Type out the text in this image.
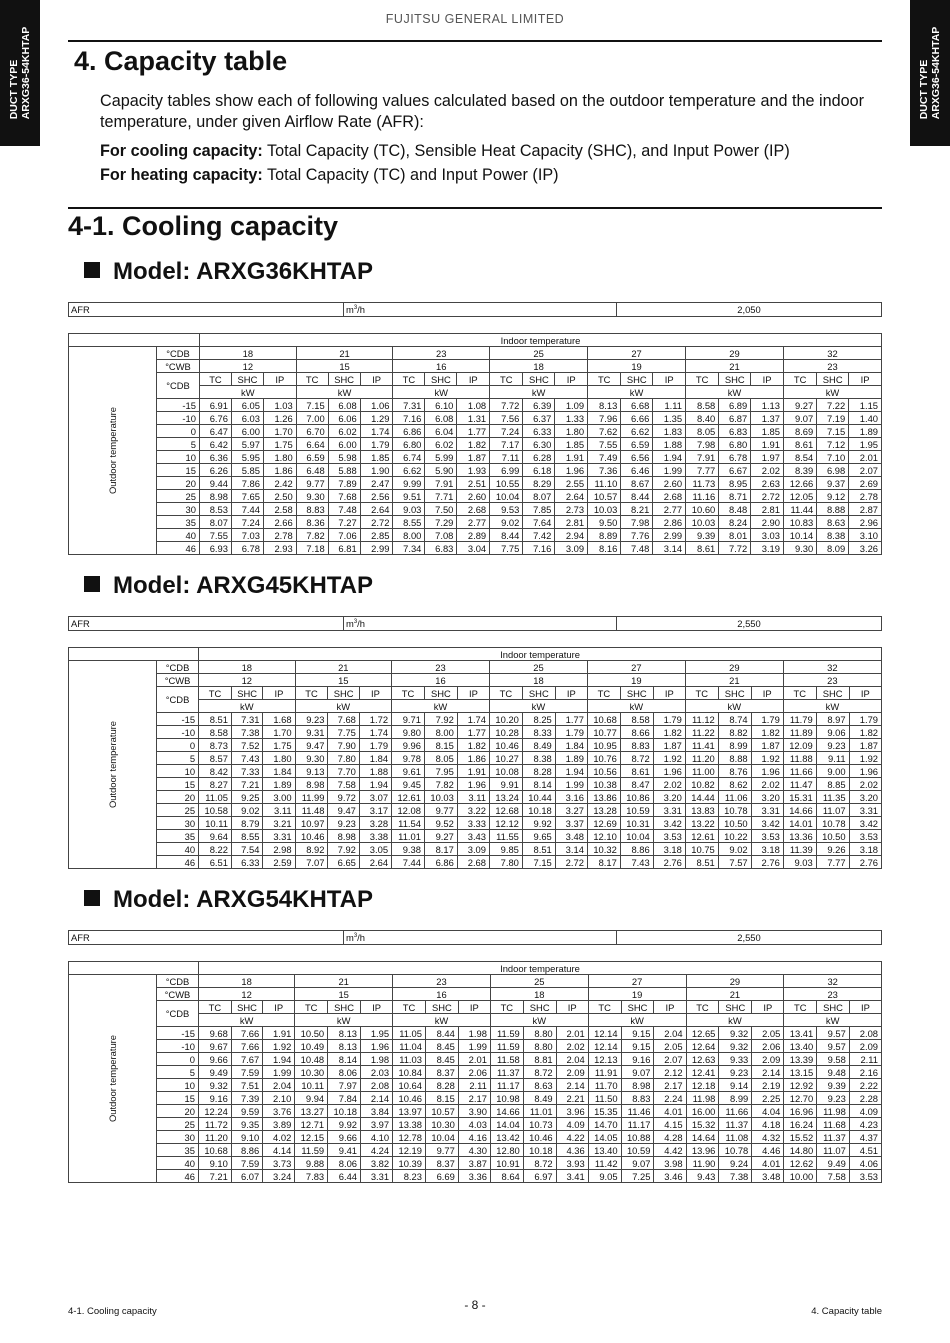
DUCT TYPE ARXG36-54KHTAP	DUCT TYPE ARXG36-54KHTAP
FUJITSU GENERAL LIMITED
4. Capacity table
Capacity tables show each of following values calculated based on the outdoor temperature and the indoor temperature, under given Airflow Rate (AFR):
For cooling capacity: Total Capacity (TC), Sensible Heat Capacity (SHC), and Input Power (IP)
For heating capacity: Total Capacity (TC) and Input Power (IP)
4-1. Cooling capacity
Model: ARXG36KHTAP
AFR	$m^3/h$	2,050
		Indoor temperature																				
Outdoor temperature	°CDB	18			21			23			25			27			29			32		
	°CWB	12			15			16			18			19			21			23		
	°CDB	TC	SHC	IP	TC	SHC	IP	TC	SHC	IP	TC	SHC	IP	TC	SHC	IP	TC	SHC	IP	TC	SHC	IP
		kW			kW			kW			kW			kW			kW			kW		
	-15	6.91	6.05	1.03	7.15	6.08	1.06	7.31	6.10	1.08	7.72	6.39	1.09	8.13	6.68	1.11	8.58	6.89	1.13	9.27	7.22	1.15
	-10	6.76	6.03	1.26	7.00	6.06	1.29	7.16	6.08	1.31	7.56	6.37	1.33	7.96	6.66	1.35	8.40	6.87	1.37	9.07	7.19	1.40
	0	6.47	6.00	1.70	6.70	6.02	1.74	6.86	6.04	1.77	7.24	6.33	1.80	7.62	6.62	1.83	8.05	6.83	1.85	8.69	7.15	1.89
	5	6.42	5.97	1.75	6.64	6.00	1.79	6.80	6.02	1.82	7.17	6.30	1.85	7.55	6.59	1.88	7.98	6.80	1.91	8.61	7.12	1.95
	10	6.36	5.95	1.80	6.59	5.98	1.85	6.74	5.99	1.87	7.11	6.28	1.91	7.49	6.56	1.94	7.91	6.78	1.97	8.54	7.10	2.01
	15	6.26	5.85	1.86	6.48	5.88	1.90	6.62	5.90	1.93	6.99	6.18	1.96	7.36	6.46	1.99	7.77	6.67	2.02	8.39	6.98	2.07
	20	9.44	7.86	2.42	9.77	7.89	2.47	9.99	7.91	2.51	10.55	8.29	2.55	11.10	8.67	2.60	11.73	8.95	2.63	12.66	9.37	2.69
	25	8.98	7.65	2.50	9.30	7.68	2.56	9.51	7.71	2.60	10.04	8.07	2.64	10.57	8.44	2.68	11.16	8.71	2.72	12.05	9.12	2.78
	30	8.53	7.44	2.58	8.83	7.48	2.64	9.03	7.50	2.68	9.53	7.85	2.73	10.03	8.21	2.77	10.60	8.48	2.81	11.44	8.88	2.87
	35	8.07	7.24	2.66	8.36	7.27	2.72	8.55	7.29	2.77	9.02	7.64	2.81	9.50	7.98	2.86	10.03	8.24	2.90	10.83	8.63	2.96
	40	7.55	7.03	2.78	7.82	7.06	2.85	8.00	7.08	2.89	8.44	7.42	2.94	8.89	7.76	2.99	9.39	8.01	3.03	10.14	8.38	3.10
	46	6.93	6.78	2.93	7.18	6.81	2.99	7.34	6.83	3.04	7.75	7.16	3.09	8.16	7.48	3.14	8.61	7.72	3.19	9.30	8.09	3.26
Model: ARXG45KHTAP
AFR	$m^3/h$	2,550
		Indoor temperature																				
Outdoor temperature	°CDB	18			21			23			25			27			29			32		
	°CWB	12			15			16			18			19			21			23		
	°CDB	TC	SHC	IP	TC	SHC	IP	TC	SHC	IP	TC	SHC	IP	TC	SHC	IP	TC	SHC	IP	TC	SHC	IP
		kW			kW			kW			kW			kW			kW			kW		
	-15	8.51	7.31	1.68	9.23	7.68	1.72	9.71	7.92	1.74	10.20	8.25	1.77	10.68	8.58	1.79	11.12	8.74	1.79	11.79	8.97	1.79
	-10	8.58	7.38	1.70	9.31	7.75	1.74	9.80	8.00	1.77	10.28	8.33	1.79	10.77	8.66	1.82	11.22	8.82	1.82	11.89	9.06	1.82
	0	8.73	7.52	1.75	9.47	7.90	1.79	9.96	8.15	1.82	10.46	8.49	1.84	10.95	8.83	1.87	11.41	8.99	1.87	12.09	9.23	1.87
	5	8.57	7.43	1.80	9.30	7.80	1.84	9.78	8.05	1.86	10.27	8.38	1.89	10.76	8.72	1.92	11.20	8.88	1.92	11.88	9.11	1.92
	10	8.42	7.33	1.84	9.13	7.70	1.88	9.61	7.95	1.91	10.08	8.28	1.94	10.56	8.61	1.96	11.00	8.76	1.96	11.66	9.00	1.96
	15	8.27	7.21	1.89	8.98	7.58	1.94	9.45	7.82	1.96	9.91	8.14	1.99	10.38	8.47	2.02	10.82	8.62	2.02	11.47	8.85	2.02
	20	11.05	9.25	3.00	11.99	9.72	3.07	12.61	10.03	3.11	13.24	10.44	3.16	13.86	10.86	3.20	14.44	11.06	3.20	15.31	11.35	3.20
	25	10.58	9.02	3.11	11.48	9.47	3.17	12.08	9.77	3.22	12.68	10.18	3.27	13.28	10.59	3.31	13.83	10.78	3.31	14.66	11.07	3.31
	30	10.11	8.79	3.21	10.97	9.23	3.28	11.54	9.52	3.33	12.12	9.92	3.37	12.69	10.31	3.42	13.22	10.50	3.42	14.01	10.78	3.42
	35	9.64	8.55	3.31	10.46	8.98	3.38	11.01	9.27	3.43	11.55	9.65	3.48	12.10	10.04	3.53	12.61	10.22	3.53	13.36	10.50	3.53
	40	8.22	7.54	2.98	8.92	7.92	3.05	9.38	8.17	3.09	9.85	8.51	3.14	10.32	8.86	3.18	10.75	9.02	3.18	11.39	9.26	3.18
	46	6.51	6.33	2.59	7.07	6.65	2.64	7.44	6.86	2.68	7.80	7.15	2.72	8.17	7.43	2.76	8.51	7.57	2.76	9.03	7.77	2.76
Model: ARXG54KHTAP
AFR	$m^3/h$	2,550
		Indoor temperature																				
Outdoor temperature	°CDB	18			21			23			25			27			29			32		
	°CWB	12			15			16			18			19			21			23		
	°CDB	TC	SHC	IP	TC	SHC	IP	TC	SHC	IP	TC	SHC	IP	TC	SHC	IP	TC	SHC	IP	TC	SHC	IP
		kW			kW			kW			kW			kW			kW			kW		
	-15	9.68	7.66	1.91	10.50	8.13	1.95	11.05	8.44	1.98	11.59	8.80	2.01	12.14	9.15	2.04	12.65	9.32	2.05	13.41	9.57	2.08
	-10	9.67	7.66	1.92	10.49	8.13	1.96	11.04	8.45	1.99	11.59	8.80	2.02	12.14	9.15	2.05	12.64	9.32	2.06	13.40	9.57	2.09
	0	9.66	7.67	1.94	10.48	8.14	1.98	11.03	8.45	2.01	11.58	8.81	2.04	12.13	9.16	2.07	12.63	9.33	2.09	13.39	9.58	2.11
	5	9.49	7.59	1.99	10.30	8.06	2.03	10.84	8.37	2.06	11.37	8.72	2.09	11.91	9.07	2.12	12.41	9.23	2.14	13.15	9.48	2.16
	10	9.32	7.51	2.04	10.11	7.97	2.08	10.64	8.28	2.11	11.17	8.63	2.14	11.70	8.98	2.17	12.18	9.14	2.19	12.92	9.39	2.22
	15	9.16	7.39	2.10	9.94	7.84	2.14	10.46	8.15	2.17	10.98	8.49	2.21	11.50	8.83	2.24	11.98	8.99	2.25	12.70	9.23	2.28
	20	12.24	9.59	3.76	13.27	10.18	3.84	13.97	10.57	3.90	14.66	11.01	3.96	15.35	11.46	4.01	16.00	11.66	4.04	16.96	11.98	4.09
	25	11.72	9.35	3.89	12.71	9.92	3.97	13.38	10.30	4.03	14.04	10.73	4.09	14.70	11.17	4.15	15.32	11.37	4.18	16.24	11.68	4.23
	30	11.20	9.10	4.02	12.15	9.66	4.10	12.78	10.04	4.16	13.42	10.46	4.22	14.05	10.88	4.28	14.64	11.08	4.32	15.52	11.37	4.37
	35	10.68	8.86	4.14	11.59	9.41	4.24	12.19	9.77	4.30	12.80	10.18	4.36	13.40	10.59	4.42	13.96	10.78	4.46	14.80	11.07	4.51
	40	9.10	7.59	3.73	9.88	8.06	3.82	10.39	8.37	3.87	10.91	8.72	3.93	11.42	9.07	3.98	11.90	9.24	4.01	12.62	9.49	4.06
	46	7.21	6.07	3.24	7.83	6.44	3.31	8.23	6.69	3.36	8.64	6.97	3.41	9.05	7.25	3.46	9.43	7.38	3.48	10.00	7.58	3.53
- 8 -
4-1. Cooling capacity	4. Capacity table
